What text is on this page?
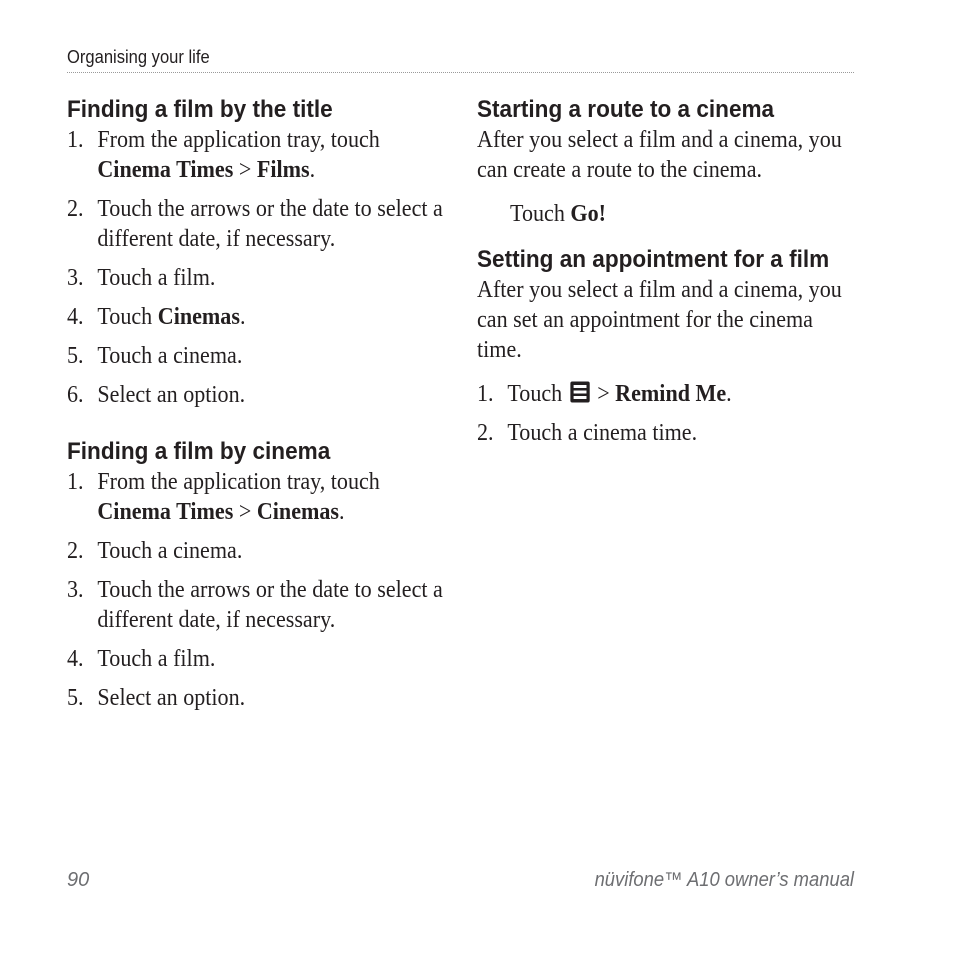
Organising your life
Finding a film by the title
1. From the application tray, touch
Cinema Times > Films.
2. Touch the arrows or the date to select a different date, if necessary.
3. Touch a film.
4. Touch Cinemas.
5. Touch a cinema.
6. Select an option.
Finding a film by cinema
1. From the application tray, touch
Cinema Times > Cinemas.
2. Touch a cinema.
3. Touch the arrows or the date to select a different date, if necessary.
4. Touch a film.
5. Select an option.
Starting a route to a cinema

After you select a film and a cinema, you can create a route to the cinema.

Touch Go!
Setting an appointment for a film

After you select a film and a cinema, you can set an appointment for the cinema time.

1. Touch  > Remind Me.
2. Touch a cinema time.
90	nüvifone™ A10 owner’s manual
